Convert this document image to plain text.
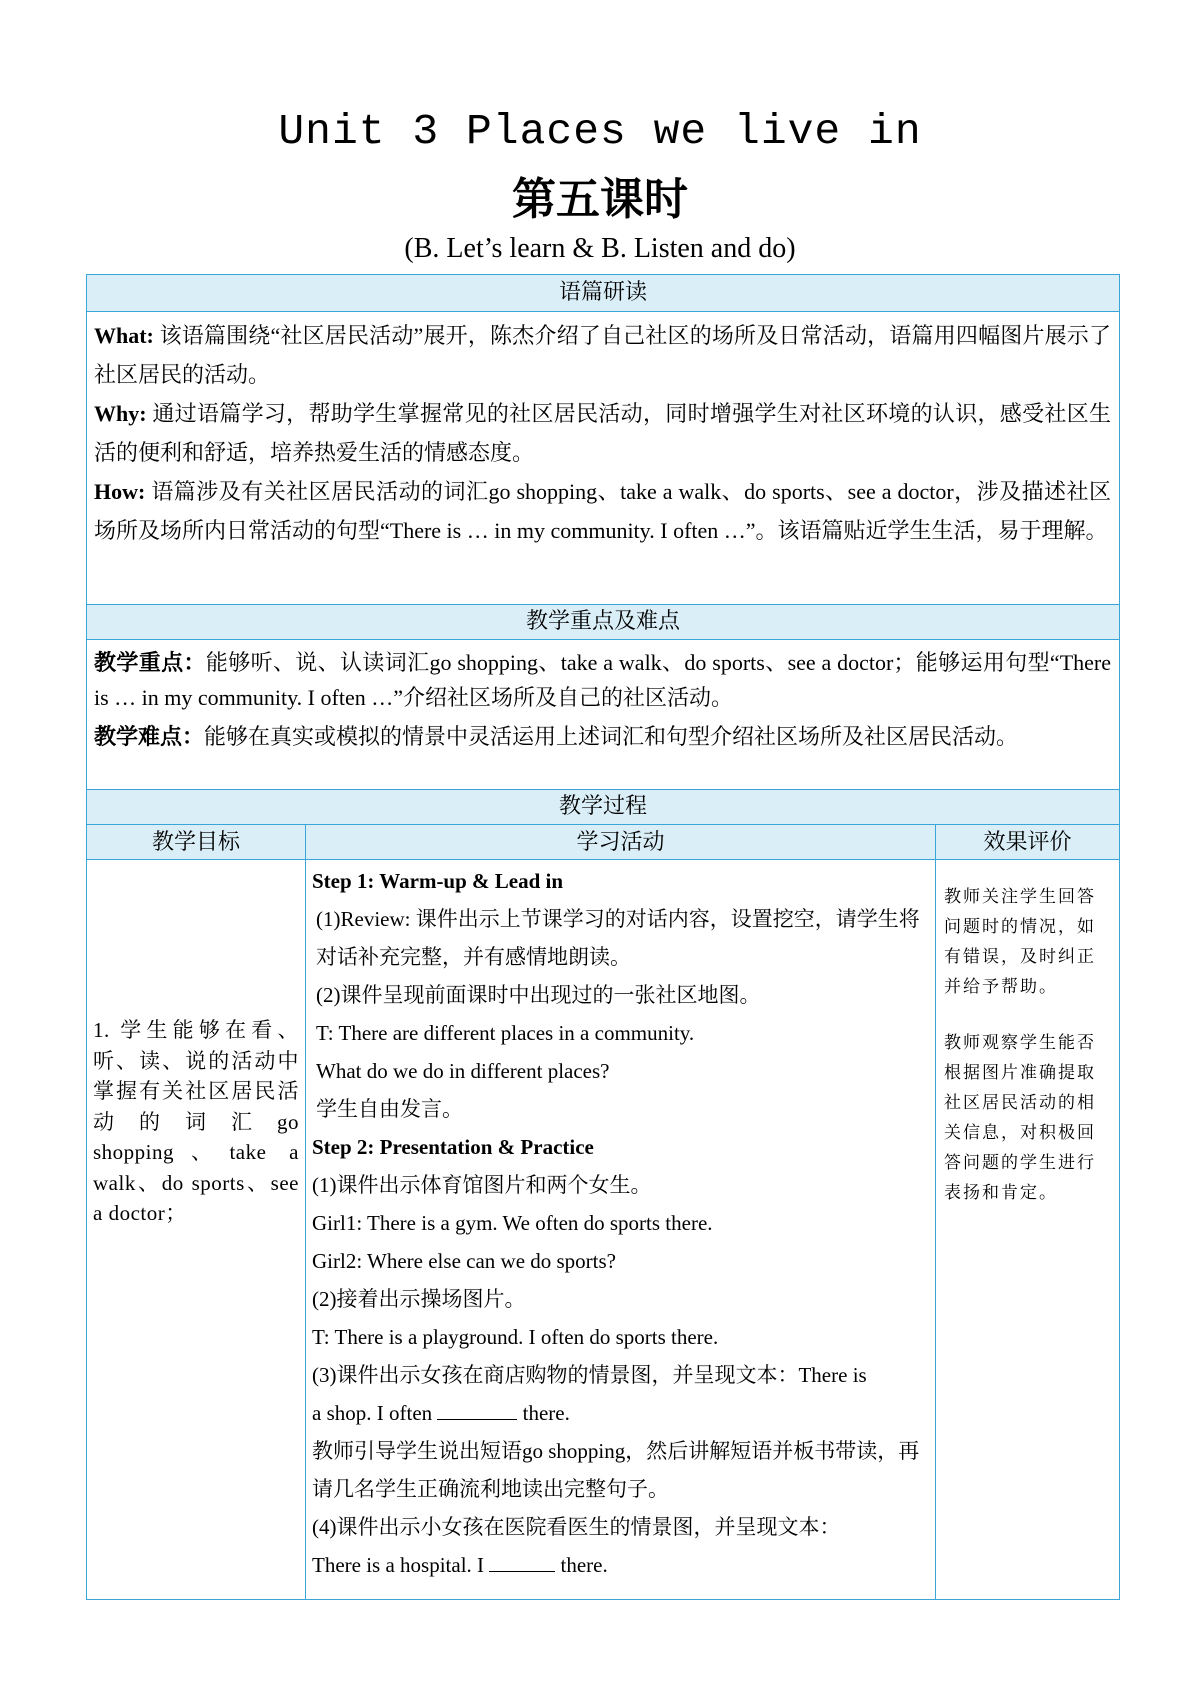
Unit 3 Places we live in
第五课时
(B. Let’s learn & B. Listen and do)
语篇研读

What: 该语篇围绕“社区居民活动”展开，陈杰介绍了自己社区的场所及日常活动，语篇用四幅图片展示了社区居民的活动。

Why: 通过语篇学习，帮助学生掌握常见的社区居民活动，同时增强学生对社区环境的认识，感受社区生活的便利和舒适，培养热爱生活的情感态度。

How: 语篇涉及有关社区居民活动的词汇go shopping、take a walk、do sports、see a doctor，涉及描述社区场所及场所内日常活动的句型“There is … in my community. I often …”。该语篇贴近学生生活，易于理解。

教学重点及难点

教学重点：能够听、说、认读词汇go shopping、take a walk、do sports、see a doctor；能够运用句型“There is … in my community. I often …”介绍社区场所及自己的社区活动。

教学难点：能够在真实或模拟的情景中灵活运用上述词汇和句型介绍社区场所及社区居民活动。

教学过程
教学目标
1. 学生能够在看、听、读、说的活动中掌握有关社区居民活动的词汇go shopping、take a walk、do sports、see a doctor；
学习活动

Step 1: Warm-up & Lead in

(1)Review: 课件出示上节课学习的对话内容，设置挖空，请学生将对话补充完整，并有感情地朗读。

(2)课件呈现前面课时中出现过的一张社区地图。

T: There are different places in a community.

What do we do in different places?

学生自由发言。

Step 2: Presentation & Practice

(1)课件出示体育馆图片和两个女生。

Girl1: There is a gym. We often do sports there.

Girl2: Where else can we do sports?

(2)接着出示操场图片。

T: There is a playground. I often do sports there.

(3)课件出示女孩在商店购物的情景图，并呈现文本：There is
a shop. I often	there.

教师引导学生说出短语go shopping，然后讲解短语并板书带读，再请几名学生正确流利地读出完整句子。

(4)课件出示小女孩在医院看医生的情景图，并呈现文本：

There is a hospital. I	there.

效果评价

教师关注学生回答问题时的情况，如有错误，及时纠正并给予帮助。

教师观察学生能否根据图片准确提取社区居民活动的相关信息，对积极回答问题的学生进行表扬和肯定。
